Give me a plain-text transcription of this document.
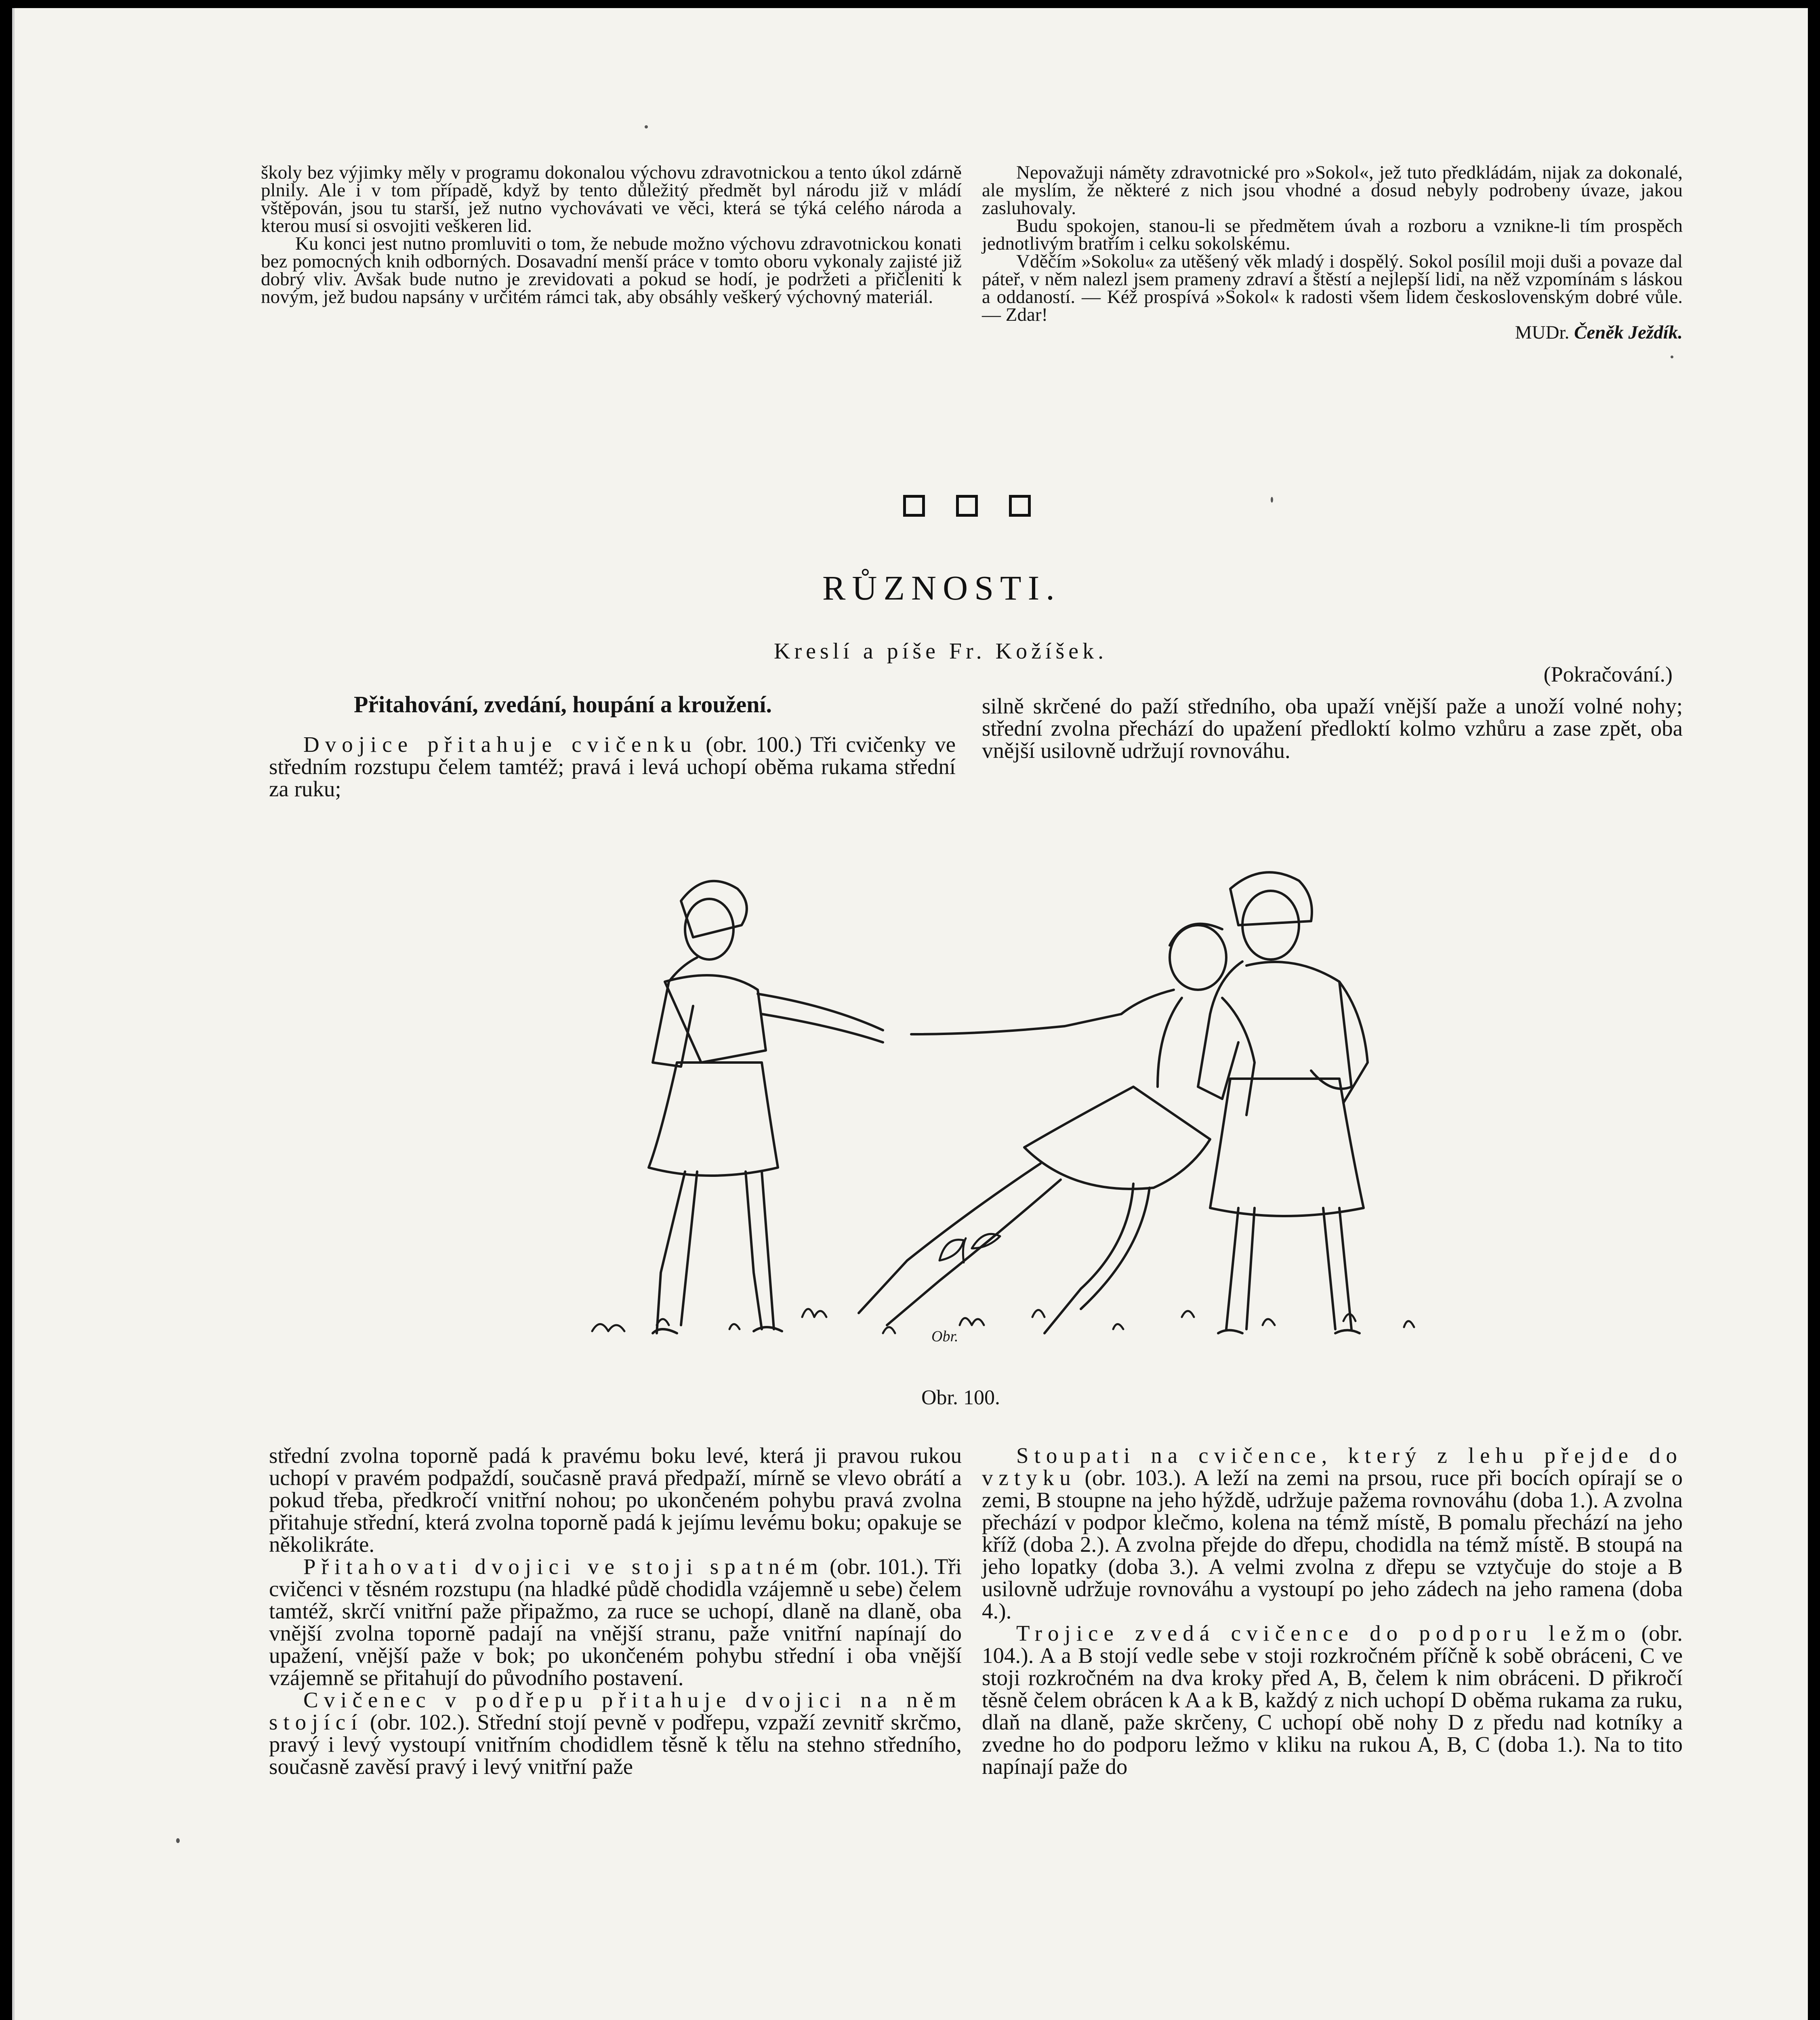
školy bez výjimky měly v programu dokonalou výchovu zdravotnickou a tento úkol zdárně plnily. Ale i v tom případě, když by tento důležitý předmět byl národu již v mládí vštěpován, jsou tu starší, jež nutno vychovávati ve věci, která se týká celého národa a kterou musí si osvojiti veškeren lid.

Ku konci jest nutno promluviti o tom, že nebude možno výchovu zdravotnickou konati bez pomocných knih odborných. Dosavadní menší práce v tomto oboru vykonaly zajisté již dobrý vliv. Avšak bude nutno je zrevidovati a pokud se hodí, je podržeti a přičleniti k novým, jež budou napsány v určitém rámci tak, aby obsáhly veškerý výchovný materiál.

Nepovažuji náměty zdravotnické pro »Sokol«, jež tuto předkládám, nijak za dokonalé, ale myslím, že některé z nich jsou vhodné a dosud nebyly podrobeny úvaze, jakou zasluhovaly.

Budu spokojen, stanou-li se předmětem úvah a rozboru a vznikne-li tím prospěch jednotlivým bratřím i celku sokolskému.

Vděčím »Sokolu« za utěšený věk mladý i dospělý. Sokol posílil moji duši a povaze dal páteř, v něm nalezl jsem prameny zdraví a štěstí a nejlepší lidi, na něž vzpomínám s láskou a oddaností. — Kéž prospívá »Sokol« k radosti všem lidem československým dobré vůle. — Zdar!

MUDr. Čeněk Ježdík.

RŮZNOSTI.
Kreslí a píše Fr. Kožíšek.
(Pokračování.)
Přitahování, zvedání, houpání a kroužení.

Dvojice přitahuje cvičenku (obr. 100.) Tři cvičenky ve středním rozstupu čelem tamtéž; pravá i levá uchopí oběma rukama střední za ruku;

silně skrčené do paží středního, oba upaží vnější paže a unoží volné nohy; střední zvolna přechází do upažení předloktí kolmo vzhůru a zase zpět, oba vnější usilovně udržují rovnováhu.

Obr.
Obr. 100.

střední zvolna toporně padá k pravému boku levé, která ji pravou rukou uchopí v pravém podpaždí, současně pravá předpaží, mírně se vlevo obrátí a pokud třeba, předkročí vnitřní nohou; po ukončeném pohybu pravá zvolna přitahuje střední, která zvolna toporně padá k jejímu levému boku; opakuje se několikráte.

Přitahovati dvojici ve stoji spatném (obr. 101.). Tři cvičenci v těsném rozstupu (na hladké půdě chodidla vzájemně u sebe) čelem tamtéž, skrčí vnitřní paže připažmo, za ruce se uchopí, dlaně na dlaně, oba vnější zvolna toporně padají na vnější stranu, paže vnitřní napínají do upažení, vnější paže v bok; po ukončeném pohybu střední i oba vnější vzájemně se přitahují do původního postavení.

Cvičenec v podřepu přitahuje dvojici na něm stojící (obr. 102.). Střední stojí pevně v podřepu, vzpaží zevnitř skrčmo, pravý i levý vystoupí vnitřním chodidlem těsně k tělu na stehno středního, současně zavěsí pravý i levý vnitřní paže

Stoupati na cvičence, který z lehu přejde do vztyku (obr. 103.). A leží na zemi na prsou, ruce při bocích opírají se o zemi, B stoupne na jeho hýždě, udržuje pažema rovnováhu (doba 1.). A zvolna přechází v podpor klečmo, kolena na témž místě, B pomalu přechází na jeho kříž (doba 2.). A zvolna přejde do dřepu, chodidla na témž místě. B stoupá na jeho lopatky (doba 3.). A velmi zvolna z dřepu se vztyčuje do stoje a B usilovně udržuje rovnováhu a vystoupí po jeho zádech na jeho ramena (doba 4.).

Trojice zvedá cvičence do podporu ležmo (obr. 104.). A a B stojí vedle sebe v stoji rozkročném příčně k sobě obráceni, C ve stoji rozkročném na dva kroky před A, B, čelem k nim obráceni. D přikročí těsně čelem obrácen k A a k B, každý z nich uchopí D oběma rukama za ruku, dlaň na dlaně, paže skrčeny, C uchopí obě nohy D z předu nad kotníky a zvedne ho do podporu ležmo v kliku na rukou A, B, C (doba 1.). Na to tito napínají paže do
